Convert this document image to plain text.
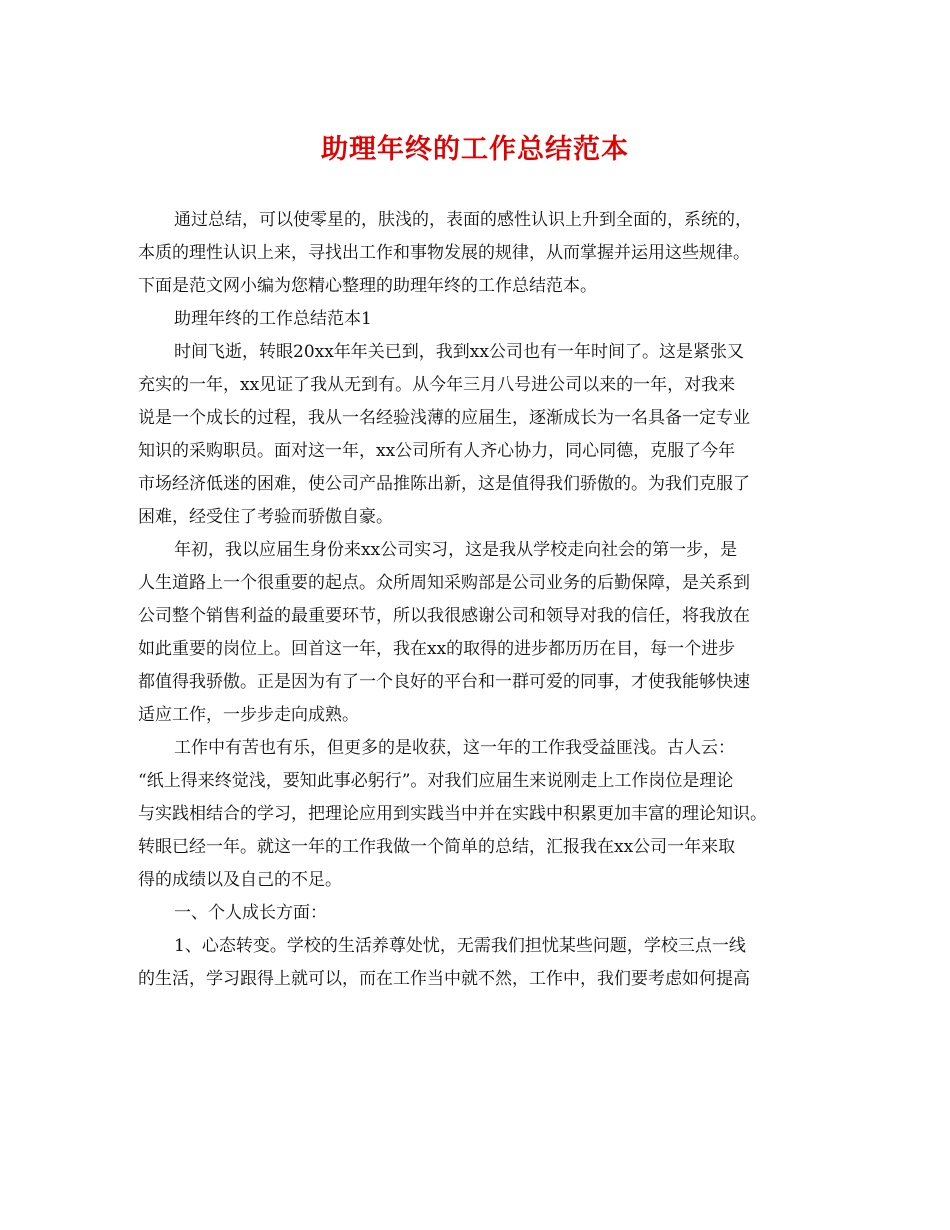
助理年终的工作总结范本
通过总结，可以使零星的，肤浅的，表面的感性认识上升到全面的，系统的，
本质的理性认识上来，寻找出工作和事物发展的规律，从而掌握并运用这些规律。
下面是范文网小编为您精心整理的助理年终的工作总结范本。
助理年终的工作总结范本1
时间飞逝，转眼20xx年年关已到，我到xx公司也有一年时间了。这是紧张又
充实的一年，xx见证了我从无到有。从今年三月八号进公司以来的一年，对我来
说是一个成长的过程，我从一名经验浅薄的应届生，逐渐成长为一名具备一定专业
知识的采购职员。面对这一年，xx公司所有人齐心协力，同心同德，克服了今年
市场经济低迷的困难，使公司产品推陈出新，这是值得我们骄傲的。为我们克服了
困难，经受住了考验而骄傲自豪。
年初，我以应届生身份来xx公司实习，这是我从学校走向社会的第一步，是
人生道路上一个很重要的起点。众所周知采购部是公司业务的后勤保障，是关系到
公司整个销售利益的最重要环节，所以我很感谢公司和领导对我的信任，将我放在
如此重要的岗位上。回首这一年，我在xx的取得的进步都历历在目，每一个进步
都值得我骄傲。正是因为有了一个良好的平台和一群可爱的同事，才使我能够快速
适应工作，一步步走向成熟。
工作中有苦也有乐，但更多的是收获，这一年的工作我受益匪浅。古人云：
“纸上得来终觉浅，要知此事必躬行”。对我们应届生来说刚走上工作岗位是理论
与实践相结合的学习，把理论应用到实践当中并在实践中积累更加丰富的理论知识。
转眼已经一年。就这一年的工作我做一个简单的总结，汇报我在xx公司一年来取
得的成绩以及自己的不足。
一、个人成长方面：
1、心态转变。学校的生活养尊处忧，无需我们担忧某些问题，学校三点一线
的生活，学习跟得上就可以，而在工作当中就不然，工作中，我们要考虑如何提高
